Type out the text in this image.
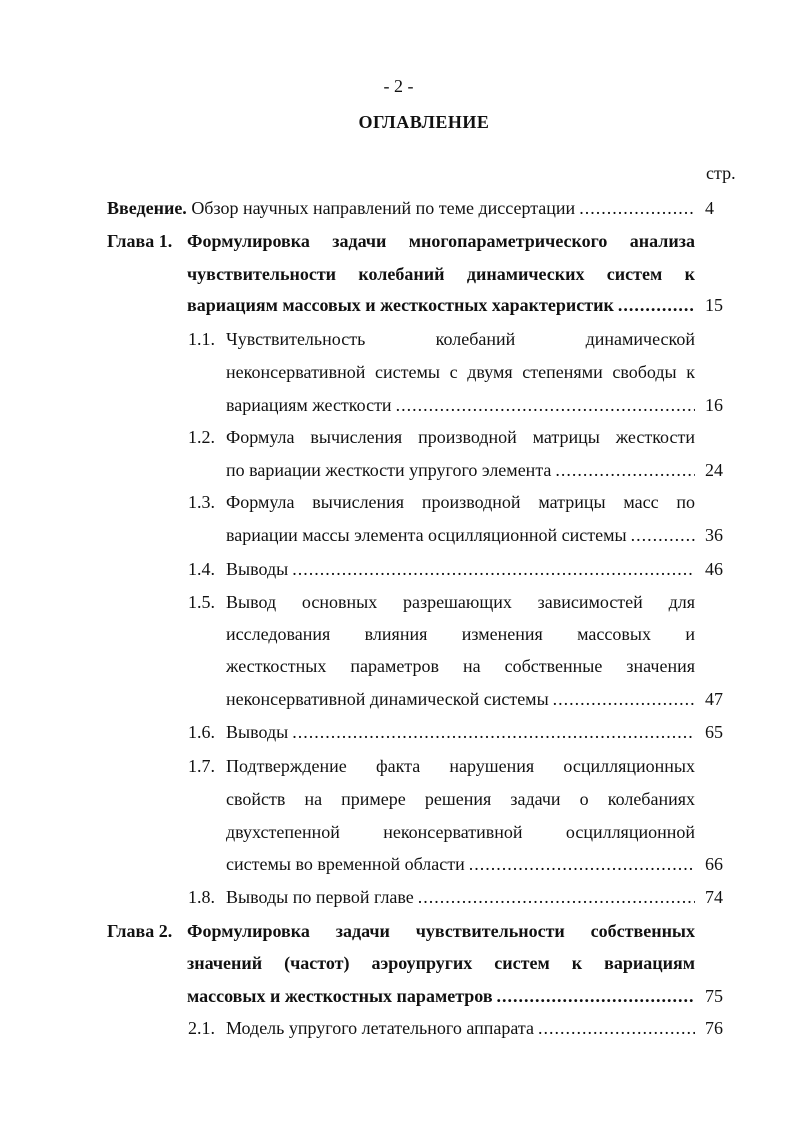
- 2 -
ОГЛАВЛЕНИЕ
стр.
Введение.
Обзор научных направлений по теме диссертации .....	4
Глава 1. Формулировка задачи многопараметрического анализа
чувствительности колебаний динамических систем к
вариациям массовых и жесткостных характеристик .....	15
1.1. Чувствительность колебаний динамической
неконсервативной системы с двумя степенями свободы к
вариациям жесткости .....	16
1.2. Формула вычисления производной матрицы жесткости
по вариации жесткости упругого элемента .....	24
1.3. Формула вычисления производной матрицы масс по
вариации массы элемента осцилляционной системы .....	36
1.4. Выводы .....	46
1.5. Вывод основных разрешающих зависимостей для
исследования влияния изменения массовых и
жесткостных параметров на собственные значения
неконсервативной динамической системы .....	47
1.6. Выводы .....	65
1.7. Подтверждение факта нарушения осцилляционных
свойств на примере решения задачи о колебаниях
двухстепенной неконсервативной осцилляционной
системы во временной области .....	66
1.8. Выводы по первой главе .....	74
Глава 2. Формулировка задачи чувствительности собственных
значений (частот) аэроупругих систем к вариациям
массовых и жесткостных параметров .....	75
2.1. Модель упругого летательного аппарата .....	76
